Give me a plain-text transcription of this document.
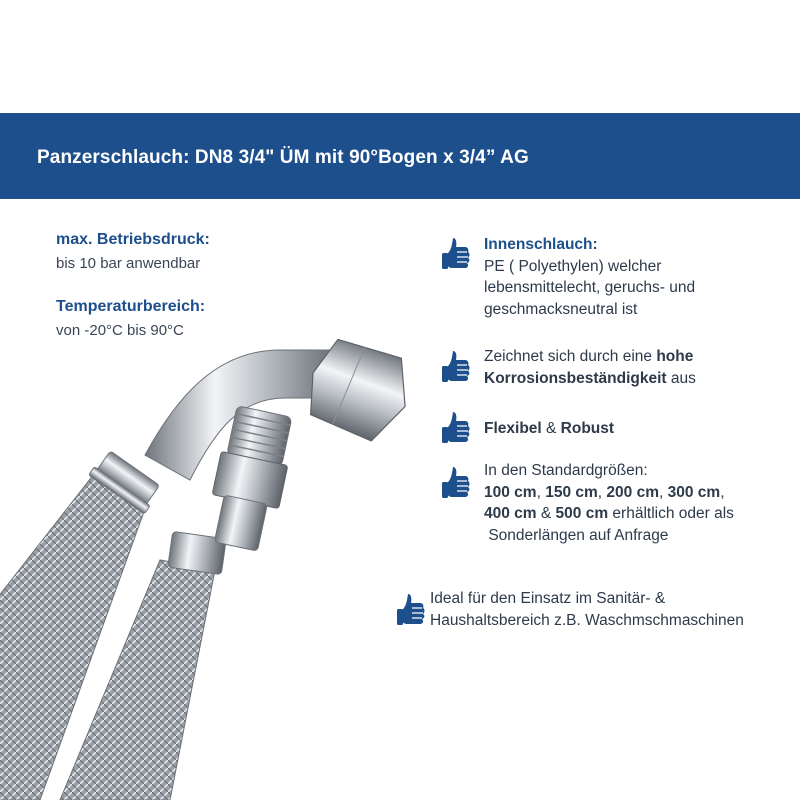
Panzerschlauch: DN8 3/4" ÜM mit 90°Bogen x 3/4” AG
max. Betriebsdruck:
bis 10 bar anwendbar
Temperaturbereich:
von -20°C bis 90°C
Innenschlauch:
PE ( Polyethylen) welcher
lebensmittelecht, geruchs- und
geschmacksneutral ist
Zeichnet sich durch eine hohe
Korrosionsbeständigkeit aus
Flexibel & Robust
In den Standardgrößen:
100 cm, 150 cm, 200 cm, 300 cm,
400 cm & 500 cm erhältlich oder als
Sonderlängen auf Anfrage
Ideal für den Einsatz im Sanitär- &
Haushaltsbereich z.B. Waschmschmaschinen
